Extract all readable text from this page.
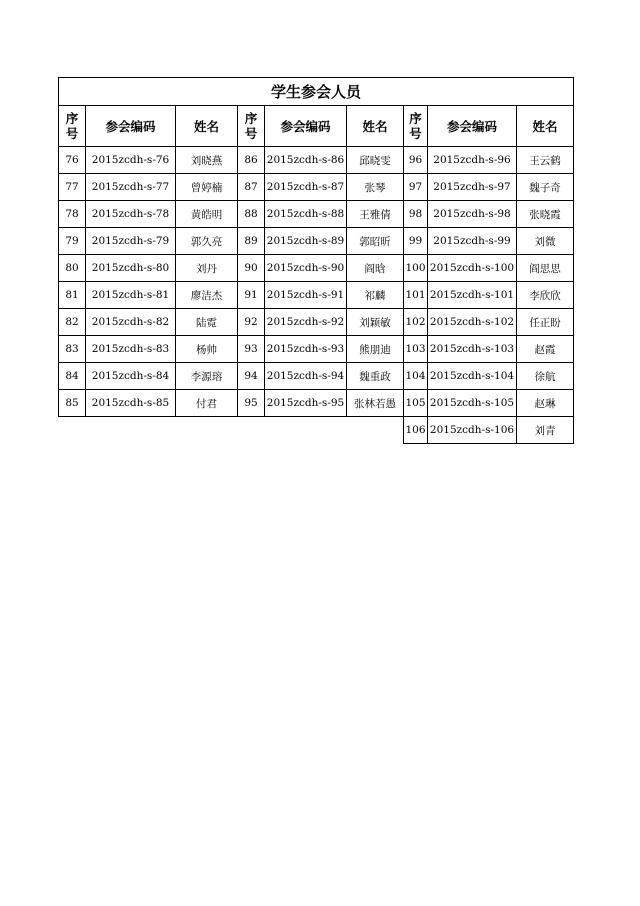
学生参会人员								
序号	参会编码	姓名	序号	参会编码	姓名	序号	参会编码	姓名
76	2015zcdh-s-76	刘晓燕	86	2015zcdh-s-86	邱晓雯	96	2015zcdh-s-96	王云鹤
77	2015zcdh-s-77	曾婷楠	87	2015zcdh-s-87	张琴	97	2015zcdh-s-97	魏子奇
78	2015zcdh-s-78	黄皓明	88	2015zcdh-s-88	王雅倩	98	2015zcdh-s-98	张晓霞
79	2015zcdh-s-79	郭久亮	89	2015zcdh-s-89	郭昭昕	99	2015zcdh-s-99	刘微
80	2015zcdh-s-80	刘丹	90	2015zcdh-s-90	阎晗	100	2015zcdh-s-100	阎思思
81	2015zcdh-s-81	廖洁杰	91	2015zcdh-s-91	祁麟	101	2015zcdh-s-101	李欣欣
82	2015zcdh-s-82	陆霓	92	2015zcdh-s-92	刘颖敏	102	2015zcdh-s-102	任正盼
83	2015zcdh-s-83	杨帅	93	2015zcdh-s-93	熊朋迪	103	2015zcdh-s-103	赵霞
84	2015zcdh-s-84	李源瑢	94	2015zcdh-s-94	魏重政	104	2015zcdh-s-104	徐航
85	2015zcdh-s-85	付君	95	2015zcdh-s-95	张林若愚	105	2015zcdh-s-105	赵琳
						106	2015zcdh-s-106	刘青
